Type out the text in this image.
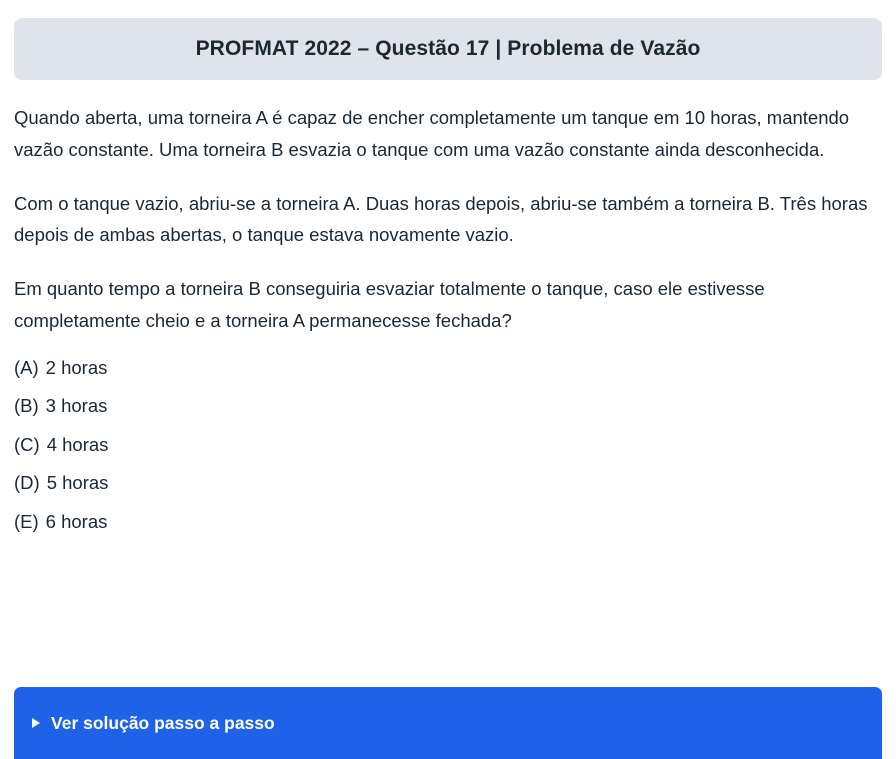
PROFMAT 2022 – Questão 17 | Problema de Vazão

Quando aberta, uma torneira A é capaz de encher completamente um tanque em 10 horas, mantendo vazão constante. Uma torneira B esvazia o tanque com uma vazão constante ainda desconhecida.

Com o tanque vazio, abriu-se a torneira A. Duas horas depois, abriu-se também a torneira B. Três horas depois de ambas abertas, o tanque estava novamente vazio.

Em quanto tempo a torneira B conseguiria esvaziar totalmente o tanque, caso ele estivesse completamente cheio e a torneira A permanecesse fechada?

(A) 2 horas
(B) 3 horas
(C) 4 horas
(D) 5 horas
(E) 6 horas
Ver solução passo a passo
